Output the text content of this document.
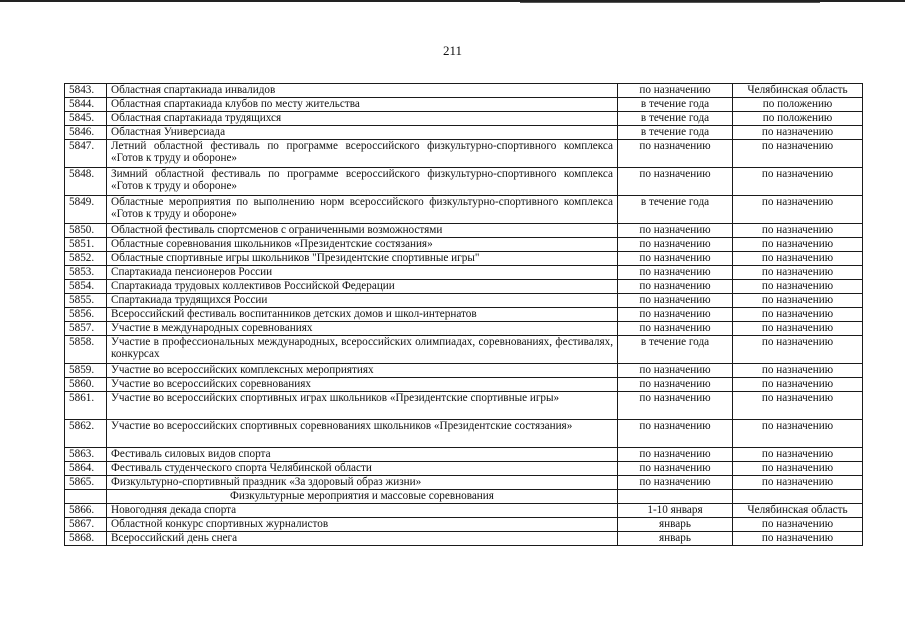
211
5843.	Областная спартакиада инвалидов	по назначению	Челябинская область
5844.	Областная спартакиада клубов по месту жительства	в течение года	по положению
5845.	Областная спартакиада трудящихся	в течение года	по положению
5846.	Областная Универсиада	в течение года	по назначению
5847.	Летний областной фестиваль по программе всероссийского физкультурно-спортивного комплекса «Готов к труду и обороне»	по назначению	по назначению
5848.	Зимний областной фестиваль по программе всероссийского физкультурно-спортивного комплекса «Готов к труду и обороне»	по назначению	по назначению
5849.	Областные мероприятия по выполнению норм всероссийского физкультурно-спортивного комплекса «Готов к труду и обороне»	в течение года	по назначению
5850.	Областной фестиваль спортсменов с ограниченными возможностями	по назначению	по назначению
5851.	Областные соревнования школьников «Президентские состязания»	по назначению	по назначению
5852.	Областные спортивные игры школьников "Президентские спортивные игры"	по назначению	по назначению
5853.	Спартакиада пенсионеров России	по назначению	по назначению
5854.	Спартакиада трудовых коллективов Российской Федерации	по назначению	по назначению
5855.	Спартакиада трудящихся России	по назначению	по назначению
5856.	Всероссийский фестиваль воспитанников детских домов и школ-интернатов	по назначению	по назначению
5857.	Участие в международных соревнованиях	по назначению	по назначению
5858.	Участие в профессиональных международных, всероссийских олимпиадах, соревнованиях, фестивалях, конкурсах	в течение года	по назначению
5859.	Участие во всероссийских комплексных мероприятиях	по назначению	по назначению
5860.	Участие во всероссийских соревнованиях	по назначению	по назначению
5861.	Участие во всероссийских спортивных играх школьников «Президентские спортивные игры»	по назначению	по назначению
5862.	Участие во всероссийских спортивных соревнованиях школьников «Президентские состязания»	по назначению	по назначению
5863.	Фестиваль силовых видов спорта	по назначению	по назначению
5864.	Фестиваль студенческого спорта Челябинской области	по назначению	по назначению
5865.	Физкультурно-спортивный праздник «За здоровый образ жизни»	по назначению	по назначению
	Физкультурные мероприятия и массовые соревнования		
5866.	Новогодняя декада спорта	1-10 января	Челябинская область
5867.	Областной конкурс спортивных журналистов	январь	по назначению
5868.	Всероссийский день снега	январь	по назначению
